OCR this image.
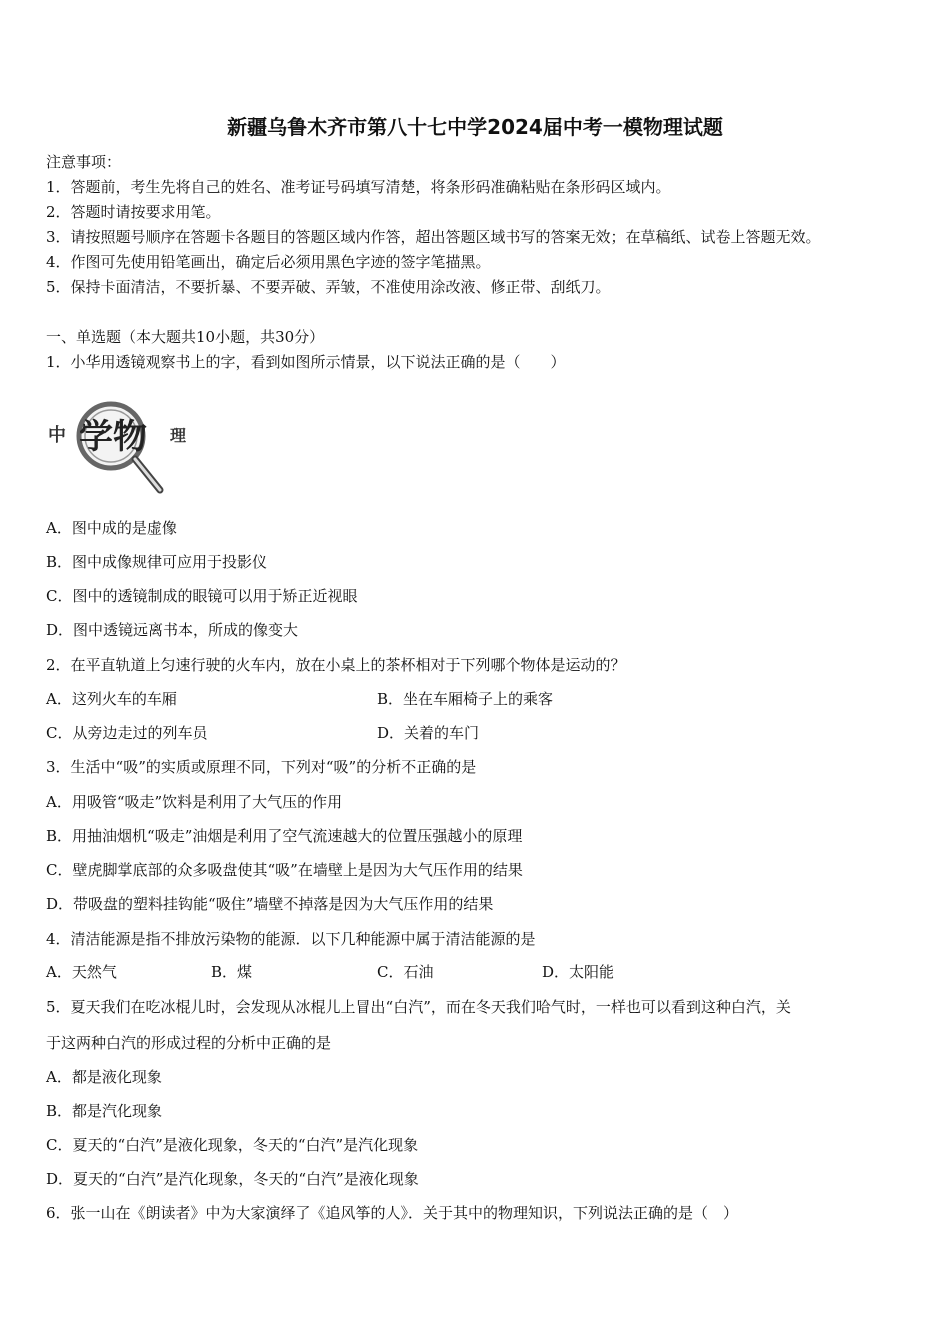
新疆乌鲁木齐市第八十七中学2024届中考一模物理试题
注意事项：
1．答题前，考生先将自己的姓名、准考证号码填写清楚，将条形码准确粘贴在条形码区域内。
2．答题时请按要求用笔。
3．请按照题号顺序在答题卡各题目的答题区域内作答，超出答题区域书写的答案无效；在草稿纸、试卷上答题无效。
4．作图可先使用铅笔画出，确定后必须用黑色字迹的签字笔描黑。
5．保持卡面清洁，不要折暴、不要弄破、弄皱，不准使用涂改液、修正带、刮纸刀。
一、单选题（本大题共10小题，共30分）
1．小华用透镜观察书上的字，看到如图所示情景，以下说法正确的是（　　）
中 学物 理
A．图中成的是虚像
B．图中成像规律可应用于投影仪
C．图中的透镜制成的眼镜可以用于矫正近视眼
D．图中透镜远离书本，所成的像变大
2．在平直轨道上匀速行驶的火车内，放在小桌上的茶杯相对于下列哪个物体是运动的？
A．这列火车的车厢	B．坐在车厢椅子上的乘客
C．从旁边走过的列车员	D．关着的车门
3．生活中“吸”的实质或原理不同，下列对“吸”的分析不正确的是
A．用吸管“吸走”饮料是利用了大气压的作用
B．用抽油烟机“吸走”油烟是利用了空气流速越大的位置压强越小的原理
C．壁虎脚掌底部的众多吸盘使其“吸”在墙壁上是因为大气压作用的结果
D．带吸盘的塑料挂钩能“吸住”墙壁不掉落是因为大气压作用的结果
4．清洁能源是指不排放污染物的能源．以下几种能源中属于清洁能源的是
A．天然气	B．煤	C．石油	D．太阳能
5．夏天我们在吃冰棍儿时，会发现从冰棍儿上冒出“白汽”，而在冬天我们哈气时，一样也可以看到这种白汽，关
于这两种白汽的形成过程的分析中正确的是
A．都是液化现象
B．都是汽化现象
C．夏天的“白汽”是液化现象，冬天的“白汽”是汽化现象
D．夏天的“白汽”是汽化现象，冬天的“白汽”是液化现象
6．张一山在《朗读者》中为大家演绎了《追风筝的人》．关于其中的物理知识，下列说法正确的是（　）
